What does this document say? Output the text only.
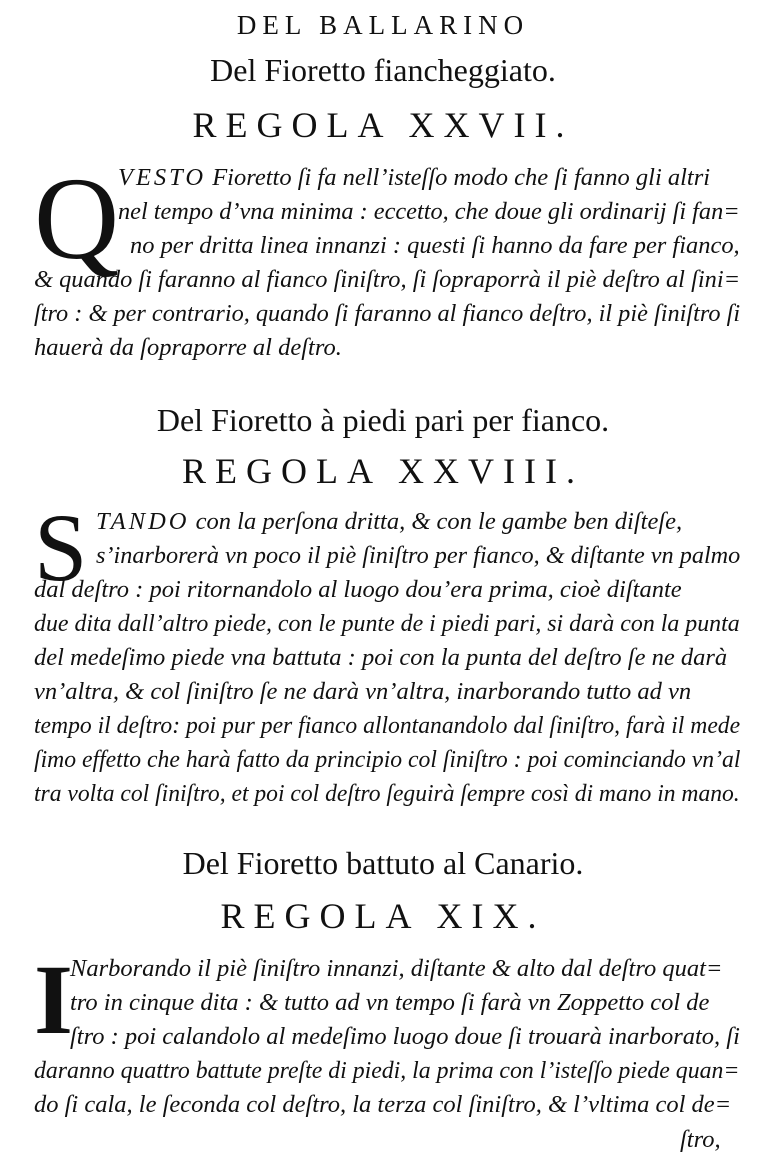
DEL BALLARINO
Del Fioretto fiancheggiato.
REGOLA XXVII.
Q
VESTO Fioretto ſi fa nell’isteſſo modo che ſi fanno gli altri
nel tempo d’vna minima : eccetto, che doue gli ordinarij ſi fan=
no per dritta linea innanzi : questi ſi hanno da fare per fianco,
& quando ſi faranno al fianco ſiniſtro, ſi ſopraporrà il piè deſtro al ſini=
ſtro : & per contrario, quando ſi faranno al fianco deſtro, il piè ſiniſtro ſi
hauerà da ſopraporre al deſtro.
Del Fioretto à piedi pari per fianco.
REGOLA XXVIII.
S TANDO con la perſona dritta, & con le gambe ben diſteſe,
s’inarborerà vn poco il piè ſiniſtro per fianco, & diſtante vn palmo
dal deſtro : poi ritornandolo al luogo dou’era prima, cioè diſtante
due dita dall’altro piede, con le punte de i piedi pari, si darà con la punta
del medeſimo piede vna battuta : poi con la punta del deſtro ſe ne darà
vn’altra, & col ſiniſtro ſe ne darà vn’altra, inarborando tutto ad vn
tempo il deſtro: poi pur per fianco allontanandolo dal ſiniſtro, farà il mede
ſimo effetto che harà fatto da principio col ſiniſtro : poi cominciando vn’al
tra volta col ſiniſtro, et poi col deſtro ſeguirà ſempre così di mano in mano.
Del Fioretto battuto al Canario.
REGOLA XIX.
I
Narborando il piè ſiniſtro innanzi, diſtante & alto dal deſtro quat=
tro in cinque dita : & tutto ad vn tempo ſi farà vn Zoppetto col de
ſtro : poi calandolo al medeſimo luogo doue ſi trouarà inarborato, ſi
daranno quattro battute preſte di piedi, la prima con l’isteſſo piede quan=
do ſi cala, le ſeconda col deſtro, la terza col ſiniſtro, & l’vltima col de=
ſtro,
